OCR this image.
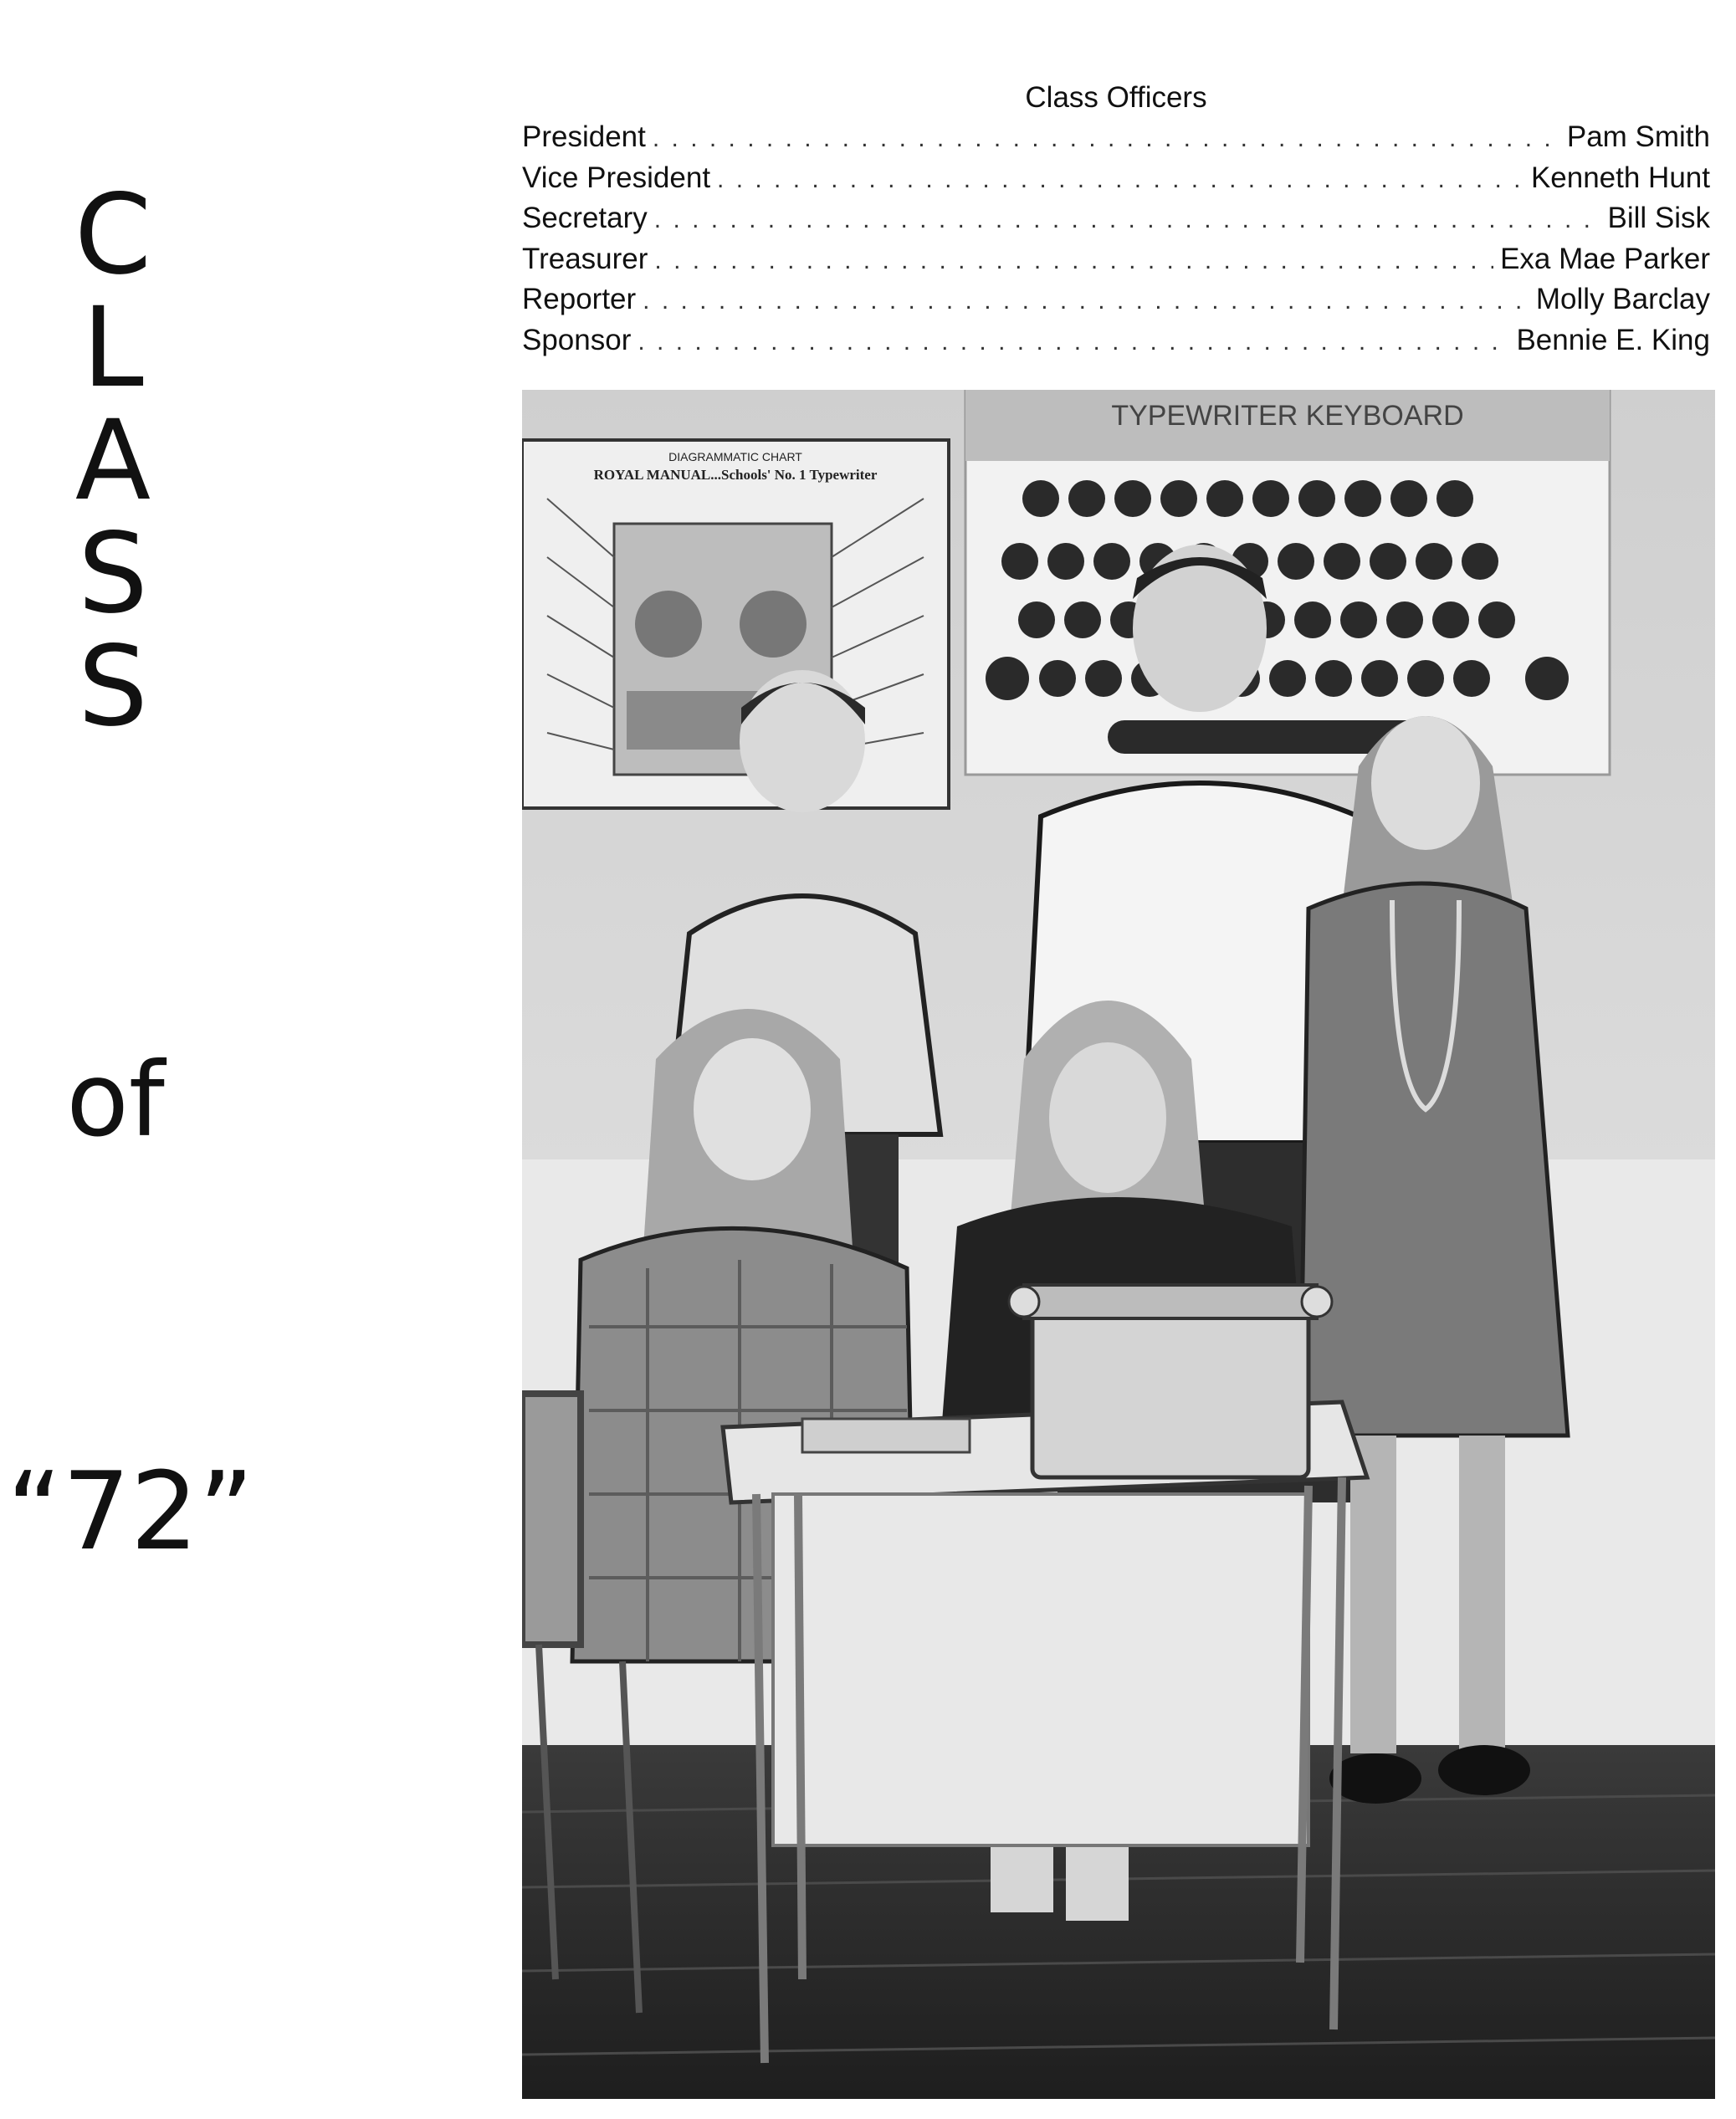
C
L
A
S
S
of
“72”
Class Officers
President . . .	Pam Smith
Vice President . . .	Kenneth Hunt
Secretary . . .	Bill Sisk
Treasurer . . .	Exa Mae Parker
Reporter . . .	Molly Barclay
Sponsor . . .	Bennie E. King
DIAGRAMMATIC CHART
ROYAL MANUAL...Schools' No. 1 Typewriter
TYPEWRITER KEYBOARD
